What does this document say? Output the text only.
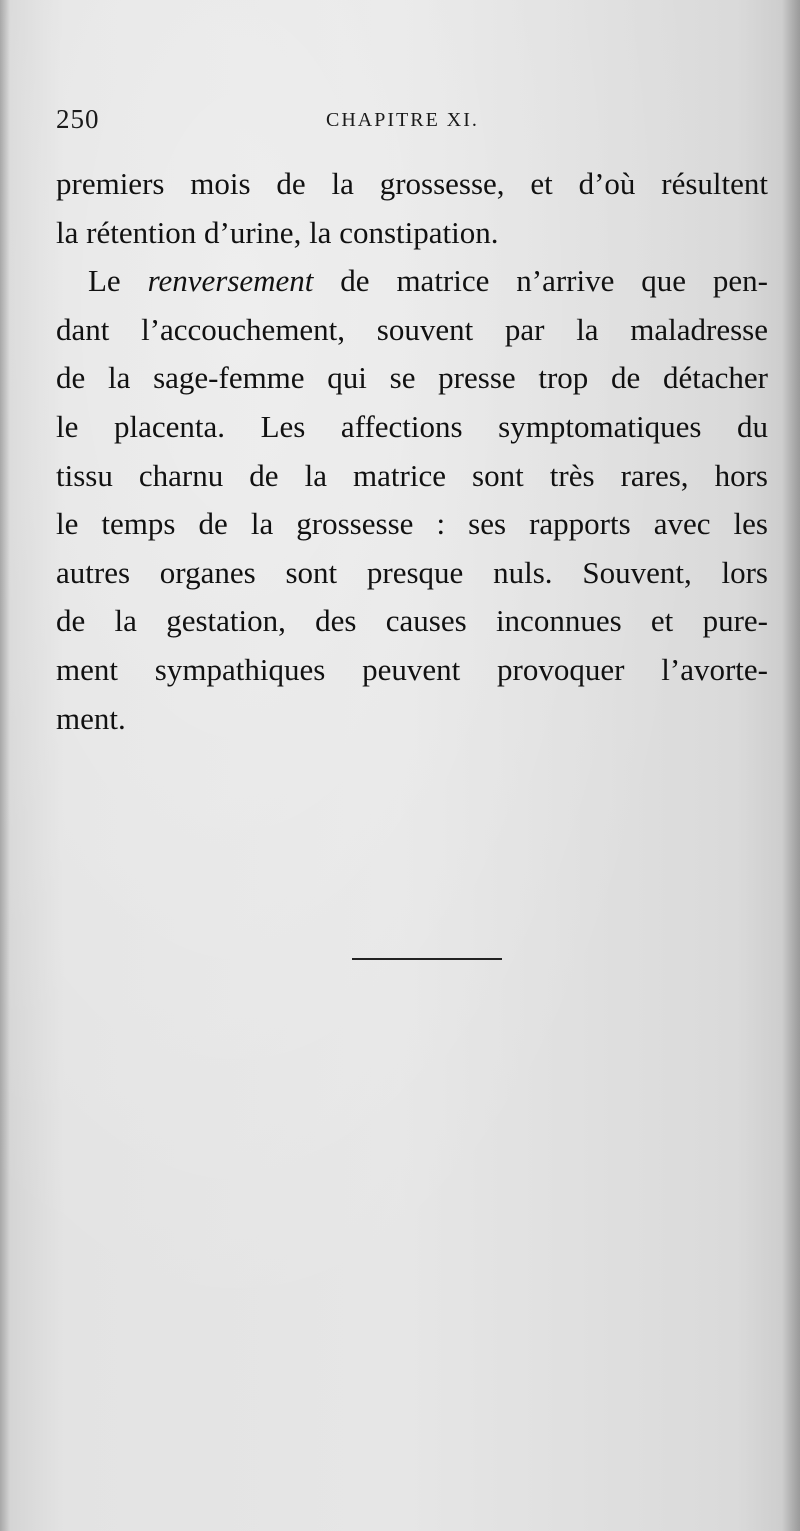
250	CHAPITRE XI.
premiers mois de la grossesse, et d’où résultent
la rétention d’urine, la constipation.
Le renversement de matrice n’arrive que pen-
dant l’accouchement, souvent par la maladresse
de la sage-femme qui se presse trop de détacher
le placenta. Les affections symptomatiques du
tissu charnu de la matrice sont très rares, hors
le temps de la grossesse : ses rapports avec les
autres organes sont presque nuls. Souvent, lors
de la gestation, des causes inconnues et pure-
ment sympathiques peuvent provoquer l’avorte-
ment.
